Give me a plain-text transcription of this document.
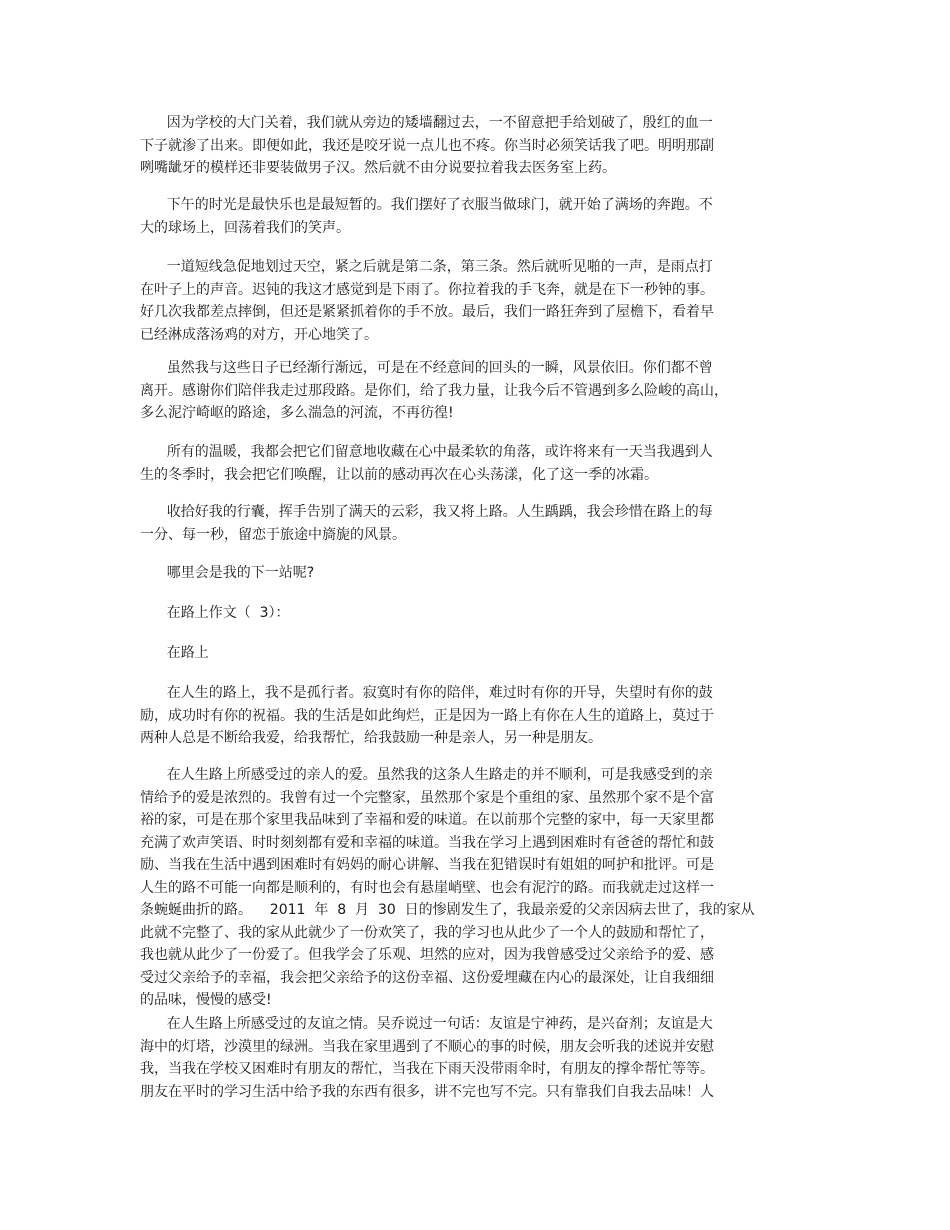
因为学校的大门关着，我们就从旁边的矮墙翻过去，一不留意把手给划破了，殷红的血一
下子就渗了出来。即便如此，我还是咬牙说一点儿也不疼。你当时必须笑话我了吧。明明那副
咧嘴龇牙的模样还非要装做男子汉。然后就不由分说要拉着我去医务室上药。
下午的时光是最快乐也是最短暂的。我们摆好了衣服当做球门，就开始了满场的奔跑。不
大的球场上，回荡着我们的笑声。
一道短线急促地划过天空，紧之后就是第二条，第三条。然后就听见啪的一声，是雨点打
在叶子上的声音。迟钝的我这才感觉到是下雨了。你拉着我的手飞奔，就是在下一秒钟的事。
好几次我都差点摔倒，但还是紧紧抓着你的手不放。最后，我们一路狂奔到了屋檐下，看着早
已经淋成落汤鸡的对方，开心地笑了。
虽然我与这些日子已经渐行渐远，可是在不经意间的回头的一瞬，风景依旧。你们都不曾
离开。感谢你们陪伴我走过那段路。是你们，给了我力量，让我今后不管遇到多么险峻的高山，
多么泥泞崎岖的路途，多么湍急的河流，不再彷徨!
所有的温暖，我都会把它们留意地收藏在心中最柔软的角落，或许将来有一天当我遇到人
生的冬季时，我会把它们唤醒，让以前的感动再次在心头荡漾，化了这一季的冰霜。
收拾好我的行囊，挥手告别了满天的云彩，我又将上路。人生踽踽，我会珍惜在路上的每
一分、每一秒，留恋于旅途中旖旎的风景。
哪里会是我的下一站呢?
在路上作文（  3）：
在路上
在人生的路上，我不是孤行者。寂寞时有你的陪伴，难过时有你的开导，失望时有你的鼓
励，成功时有你的祝福。我的生活是如此绚烂，正是因为一路上有你在人生的道路上，莫过于
两种人总是不断给我爱，给我帮忙，给我鼓励一种是亲人，另一种是朋友。
在人生路上所感受过的亲人的爱。虽然我的这条人生路走的并不顺利，可是我感受到的亲
情给予的爱是浓烈的。我曾有过一个完整家，虽然那个家是个重组的家、虽然那个家不是个富
裕的家，可是在那个家里我品味到了幸福和爱的味道。在以前那个完整的家中，每一天家里都
充满了欢声笑语、时时刻刻都有爱和幸福的味道。当我在学习上遇到困难时有爸爸的帮忙和鼓
励、当我在生活中遇到困难时有妈妈的耐心讲解、当我在犯错误时有姐姐的呵护和批评。可是
人生的路不可能一向都是顺利的，有时也会有悬崖峭壁、也会有泥泞的路。而我就走过这样一
条蜿蜒曲折的路。    2011  年  8  月  30  日的惨剧发生了，我最亲爱的父亲因病去世了，我的家从
此就不完整了、我的家从此就少了一份欢笑了，我的学习也从此少了一个人的鼓励和帮忙了，
我也就从此少了一份爱了。但我学会了乐观、坦然的应对，因为我曾感受过父亲给予的爱、感
受过父亲给予的幸福，我会把父亲给予的这份幸福、这份爱埋藏在内心的最深处，让自我细细
的品味，慢慢的感受!
在人生路上所感受过的友谊之情。吴乔说过一句话：友谊是宁神药，是兴奋剂；友谊是大
海中的灯塔，沙漠里的绿洲。当我在家里遇到了不顺心的事的时候，朋友会听我的述说并安慰
我，当我在学校又困难时有朋友的帮忙，当我在下雨天没带雨伞时，有朋友的撑伞帮忙等等。
朋友在平时的学习生活中给予我的东西有很多，讲不完也写不完。只有靠我们自我去品味！人
